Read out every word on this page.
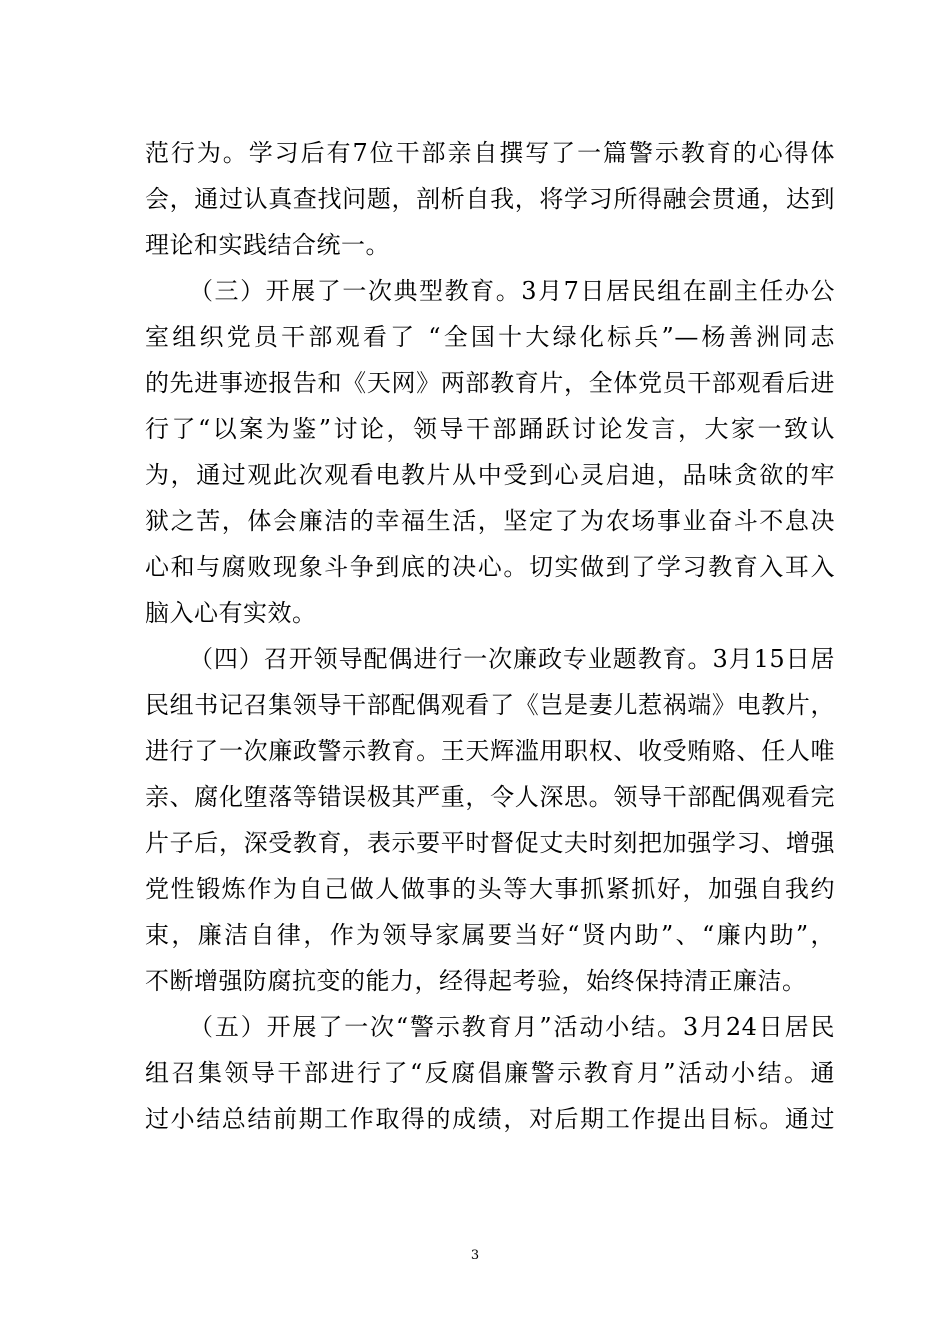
范行为。学习后有7位干部亲自撰写了一篇警示教育的心得体
会，通过认真查找问题，剖析自我，将学习所得融会贯通，达到
理论和实践结合统一。
（三）开展了一次典型教育。3月7日居民组在副主任办公
室组织党员干部观看了 “全国十大绿化标兵”—杨善洲同志
的先进事迹报告和《天网》两部教育片，全体党员干部观看后进
行了“以案为鉴”讨论，领导干部踊跃讨论发言，大家一致认
为，通过观此次观看电教片从中受到心灵启迪，品味贪欲的牢
狱之苦，体会廉洁的幸福生活，坚定了为农场事业奋斗不息决
心和与腐败现象斗争到底的决心。切实做到了学习教育入耳入
脑入心有实效。
（四）召开领导配偶进行一次廉政专业题教育。3月15日居
民组书记召集领导干部配偶观看了《岂是妻儿惹祸端》电教片，
进行了一次廉政警示教育。王天辉滥用职权、收受贿赂、任人唯
亲、腐化堕落等错误极其严重，令人深思。领导干部配偶观看完
片子后，深受教育，表示要平时督促丈夫时刻把加强学习、增强
党性锻炼作为自己做人做事的头等大事抓紧抓好，加强自我约
束，廉洁自律，作为领导家属要当好“贤内助”、“廉内助”，
不断增强防腐抗变的能力，经得起考验，始终保持清正廉洁。
（五）开展了一次“警示教育月”活动小结。3月24日居民
组召集领导干部进行了“反腐倡廉警示教育月”活动小结。通
过小结总结前期工作取得的成绩，对后期工作提出目标。通过
3
